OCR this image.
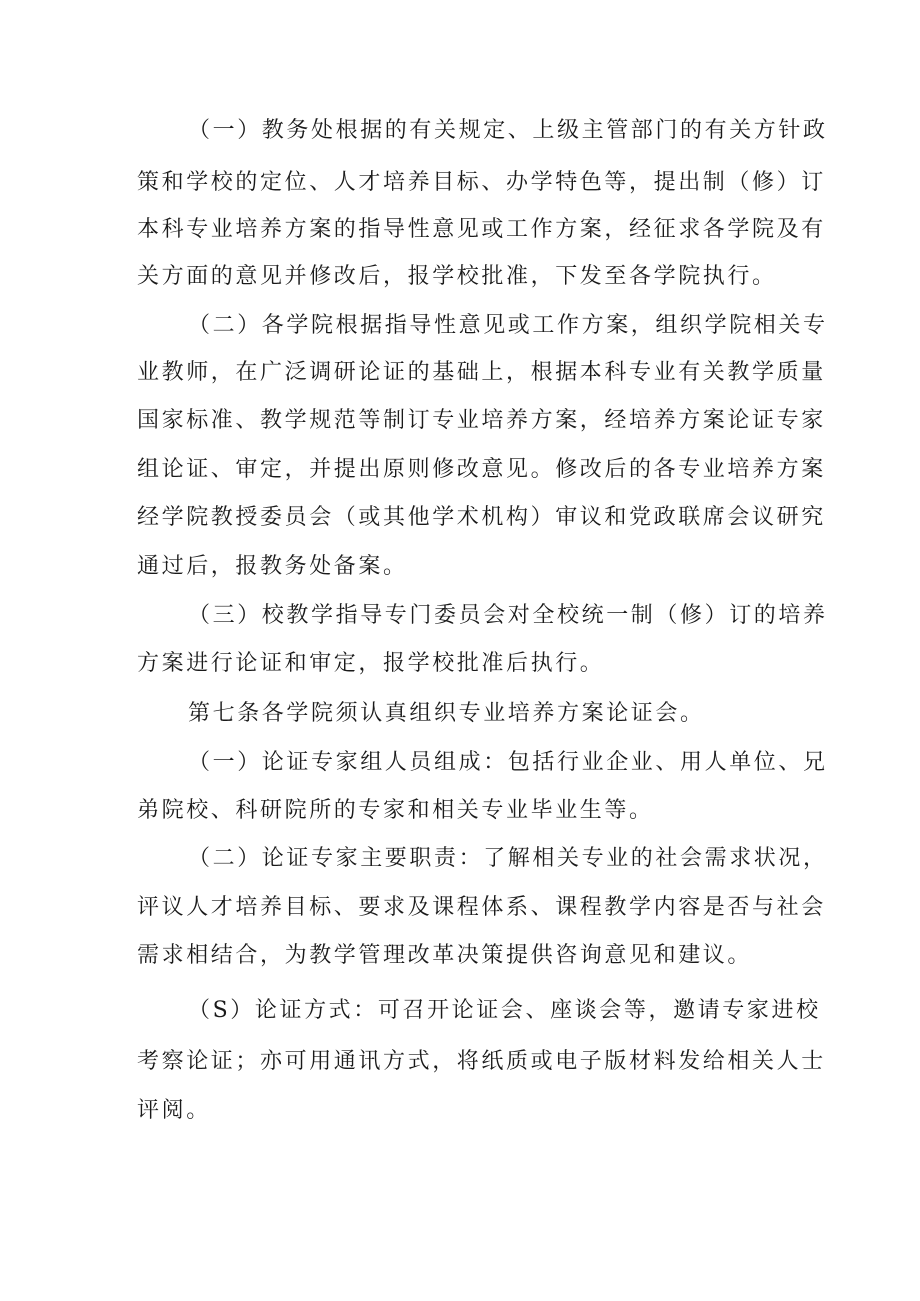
（一）教务处根据的有关规定、上级主管部门的有关方针政
策和学校的定位、人才培养目标、办学特色等，提出制（修）订
本科专业培养方案的指导性意见或工作方案，经征求各学院及有
关方面的意见并修改后，报学校批准，下发至各学院执行。
（二）各学院根据指导性意见或工作方案，组织学院相关专
业教师，在广泛调研论证的基础上，根据本科专业有关教学质量
国家标准、教学规范等制订专业培养方案，经培养方案论证专家
组论证、审定，并提出原则修改意见。修改后的各专业培养方案
经学院教授委员会（或其他学术机构）审议和党政联席会议研究
通过后，报教务处备案。
（三）校教学指导专门委员会对全校统一制（修）订的培养
方案进行论证和审定，报学校批准后执行。
第七条各学院须认真组织专业培养方案论证会。
（一）论证专家组人员组成：包括行业企业、用人单位、兄
弟院校、科研院所的专家和相关专业毕业生等。
（二）论证专家主要职责：了解相关专业的社会需求状况，
评议人才培养目标、要求及课程体系、课程教学内容是否与社会
需求相结合，为教学管理改革决策提供咨询意见和建议。
（S）论证方式：可召开论证会、座谈会等，邀请专家进校
考察论证；亦可用通讯方式，将纸质或电子版材料发给相关人士
评阅。
